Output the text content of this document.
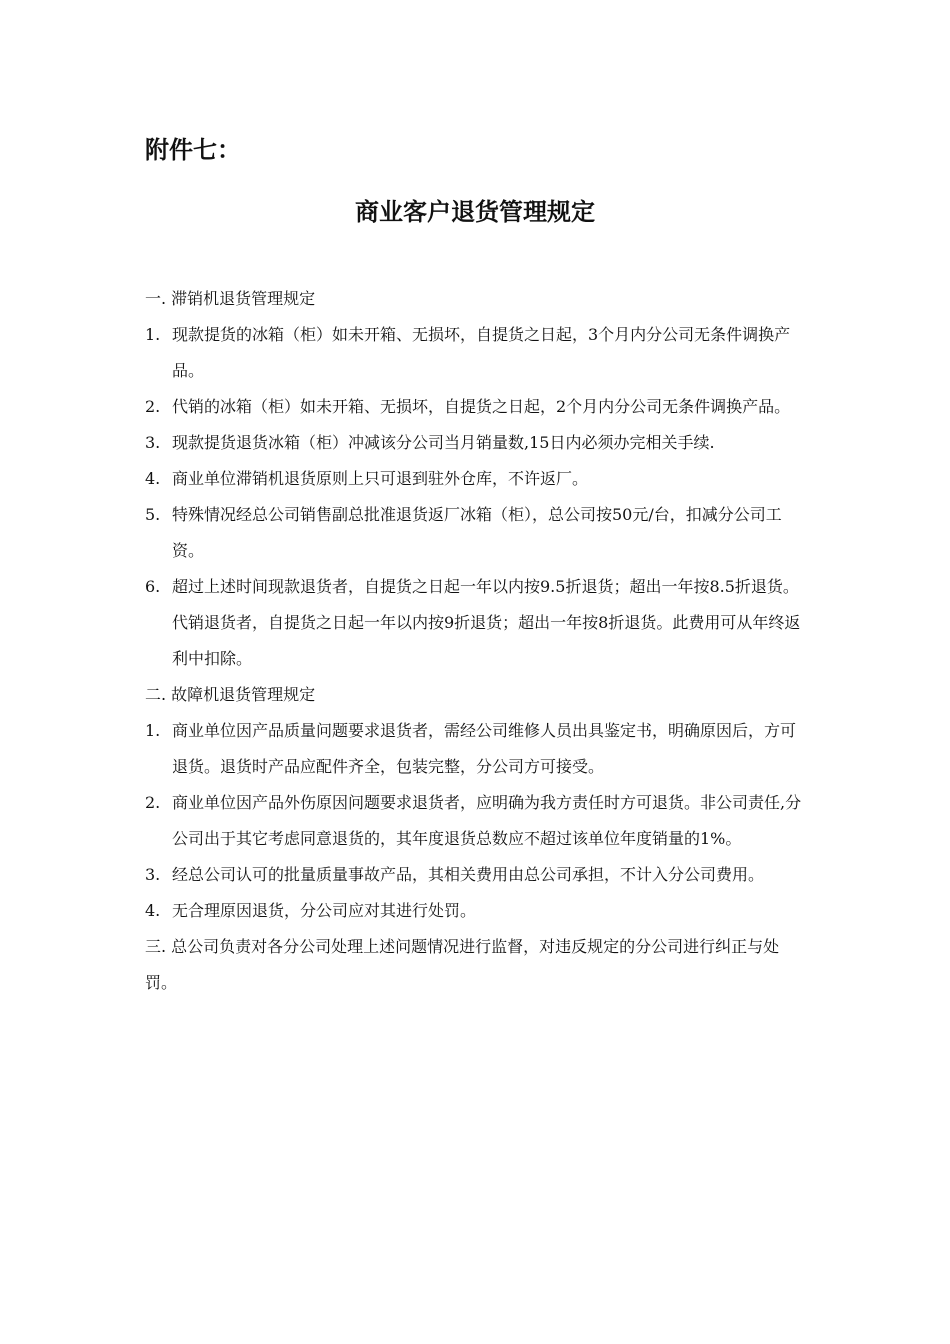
附件七：
商业客户退货管理规定

一. 滞销机退货管理规定

1. 现款提货的冰箱（柜）如未开箱、无损坏，自提货之日起，3个月内分公司无条件调换产品。
2. 代销的冰箱（柜）如未开箱、无损坏，自提货之日起，2个月内分公司无条件调换产品。
3. 现款提货退货冰箱（柜）冲减该分公司当月销量数,15日内必须办完相关手续.
4. 商业单位滞销机退货原则上只可退到驻外仓库，不许返厂。
5. 特殊情况经总公司销售副总批准退货返厂冰箱（柜），总公司按50元/台，扣减分公司工资。
6. 超过上述时间现款退货者，自提货之日起一年以内按9.5折退货；超出一年按8.5折退货。代销退货者，自提货之日起一年以内按9折退货；超出一年按8折退货。此费用可从年终返利中扣除。

二. 故障机退货管理规定

1. 商业单位因产品质量问题要求退货者，需经公司维修人员出具鉴定书，明确原因后，方可退货。退货时产品应配件齐全，包装完整，分公司方可接受。
2. 商业单位因产品外伤原因问题要求退货者，应明确为我方责任时方可退货。非公司责任,分公司出于其它考虑同意退货的，其年度退货总数应不超过该单位年度销量的1%。
3. 经总公司认可的批量质量事故产品，其相关费用由总公司承担，不计入分公司费用。
4. 无合理原因退货，分公司应对其进行处罚。

三. 总公司负责对各分公司处理上述问题情况进行监督，对违反规定的分公司进行纠正与处罚。
